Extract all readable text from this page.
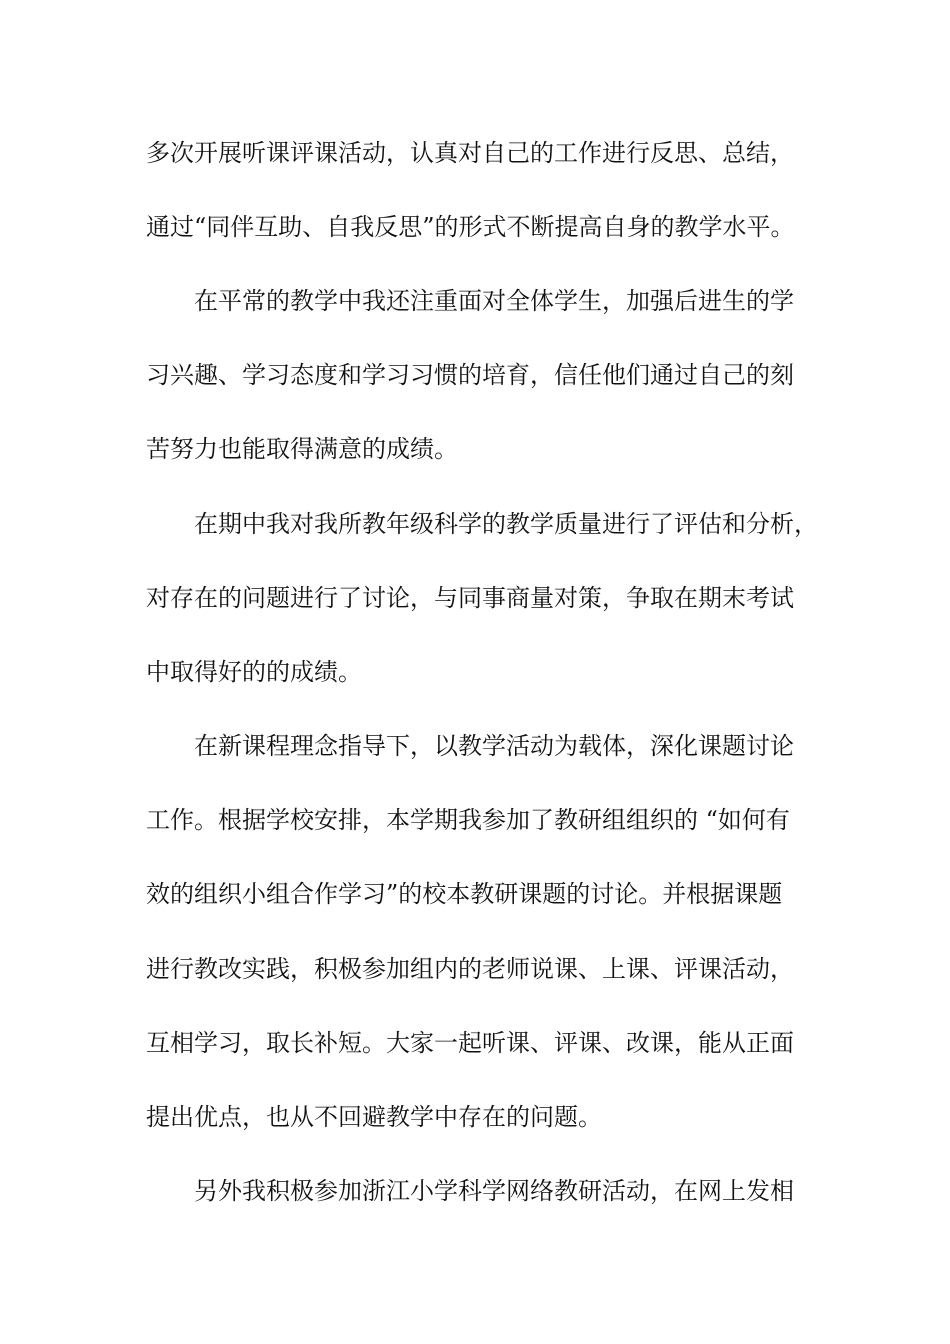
多次开展听课评课活动，认真对自己的工作进行反思、总结，
通过“同伴互助、自我反思”的形式不断提高自身的教学水平。
在平常的教学中我还注重面对全体学生，加强后进生的学
习兴趣、学习态度和学习习惯的培育，信任他们通过自己的刻
苦努力也能取得满意的成绩。
在期中我对我所教年级科学的教学质量进行了评估和分析，
对存在的问题进行了讨论，与同事商量对策，争取在期末考试
中取得好的的成绩。
在新课程理念指导下，以教学活动为载体，深化课题讨论
工作。根据学校安排，本学期我参加了教研组组织的 “如何有
效的组织小组合作学习”的校本教研课题的讨论。并根据课题
进行教改实践，积极参加组内的老师说课、上课、评课活动，
互相学习，取长补短。大家一起听课、评课、改课，能从正面
提出优点，也从不回避教学中存在的问题。
另外我积极参加浙江小学科学网络教研活动，在网上发相
